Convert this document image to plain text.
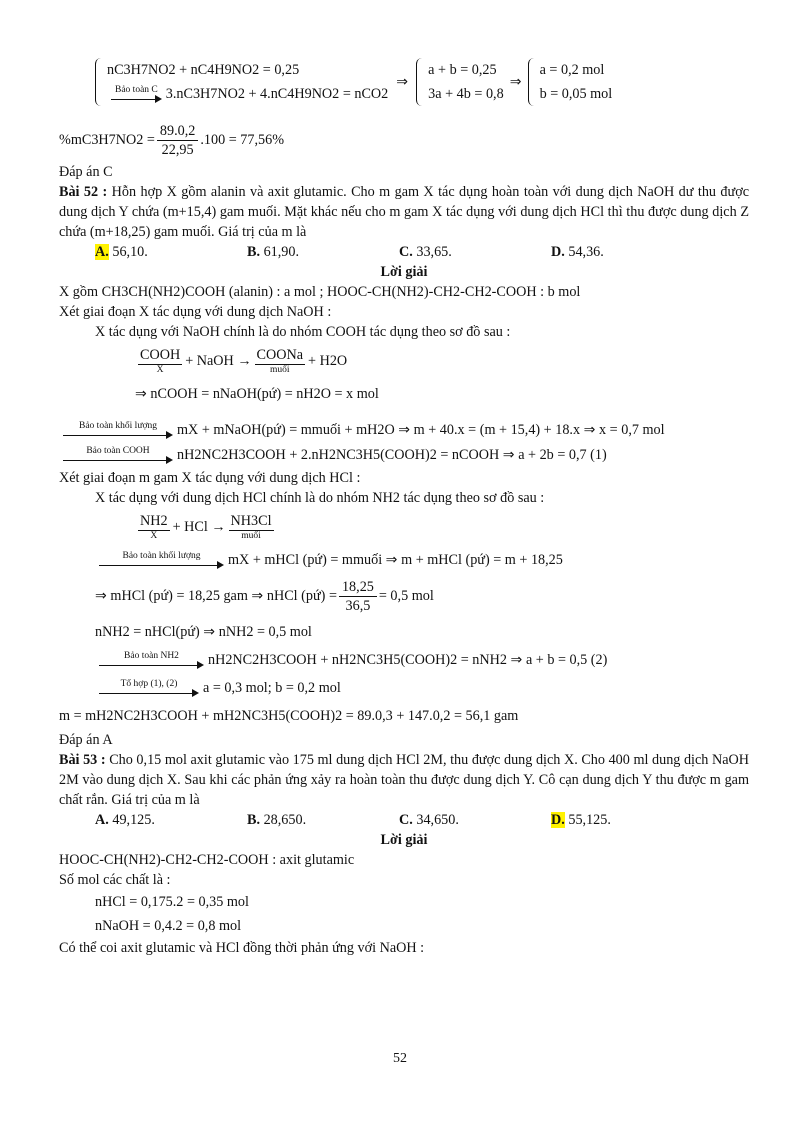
nC3H7NO2 + nC4H9NO2 = 0,25
Bảo toàn C 3.nC3H7NO2 + 4.nC4H9NO2 = nCO2
⇒
a + b = 0,25
3a + 4b = 0,8
⇒
a = 0,2 mol
b = 0,05 mol
$\%mC3H7NO2 = \frac{89.0,2}{22,95} .100 = 77,56\%$
Đáp án C
Bài 52 : Hỗn hợp X gồm alanin và axit glutamic. Cho m gam X tác dụng hoàn toàn với dung dịch NaOH dư thu được dung dịch Y chứa (m+15,4) gam muối. Mặt khác nếu cho m gam X tác dụng với dung dịch HCl thì thu được dung dịch Z chứa (m+18,25) gam muối. Giá trị của m là
A. 56,10.	B. 61,90.	C. 33,65.	D. 54,36.
Lời giải
X gồm CH3CH(NH2)COOH (alanin) : a mol ; HOOC-CH(NH2)-CH2-CH2-COOH : b mol
Xét giai đoạn X tác dụng với dung dịch NaOH :
X tác dụng với NaOH chính là do nhóm COOH tác dụng theo sơ đồ sau :
COOH
X
+ NaOH → COONa
muối
+ H2O
⇒ nCOOH = nNaOH(pứ) = nH2O = x mol
Bảo toàn khối lượng mX + mNaOH(pứ) = mmuối + mH2O ⇒ m + 40.x = (m + 15,4) + 18.x ⇒ x = 0,7 mol
Bảo toàn COOH nH2NC2H3COOH + 2.nH2NC3H5(COOH)2 = nCOOH ⇒ a + 2b = 0,7 (1)
Xét giai đoạn m gam X tác dụng với dung dịch HCl :
X tác dụng với dung dịch HCl chính là do nhóm NH2 tác dụng theo sơ đồ sau :
NH2
X
+ HCl → NH3Cl
muối
Bảo toàn khối lượng mX + mHCl (pứ) = mmuối ⇒ m + mHCl (pứ) = m + 18,25
⇒ mHCl (pứ) = 18,25 gam ⇒ nHCl (pứ) = $\frac{18,25}{36,5} = 0,5$ mol
nNH2 = nHCl(pứ) ⇒ nNH2 = 0,5 mol
Bảo toàn NH2 nH2NC2H3COOH + nH2NC3H5(COOH)2 = nNH2 ⇒ a + b = 0,5 (2)
Tổ hợp (1), (2) a = 0,3 mol; b = 0,2 mol
m = mH2NC2H3COOH + mH2NC3H5(COOH)2 = 89.0,3 + 147.0,2 = 56,1 gam
Đáp án A
Bài 53 : Cho 0,15 mol axit glutamic vào 175 ml dung dịch HCl 2M, thu được dung dịch X. Cho 400 ml dung dịch NaOH 2M vào dung dịch X. Sau khi các phản ứng xảy ra hoàn toàn thu được dung dịch Y. Cô cạn dung dịch Y thu được m gam chất rắn. Giá trị của m là
A. 49,125.	B. 28,650.	C. 34,650.	D. 55,125.
Lời giải
HOOC-CH(NH2)-CH2-CH2-COOH : axit glutamic
Số mol các chất là :
nHCl = 0,175.2 = 0,35 mol
nNaOH = 0,4.2 = 0,8 mol
Có thể coi axit glutamic và HCl đồng thời phản ứng với NaOH :
52
